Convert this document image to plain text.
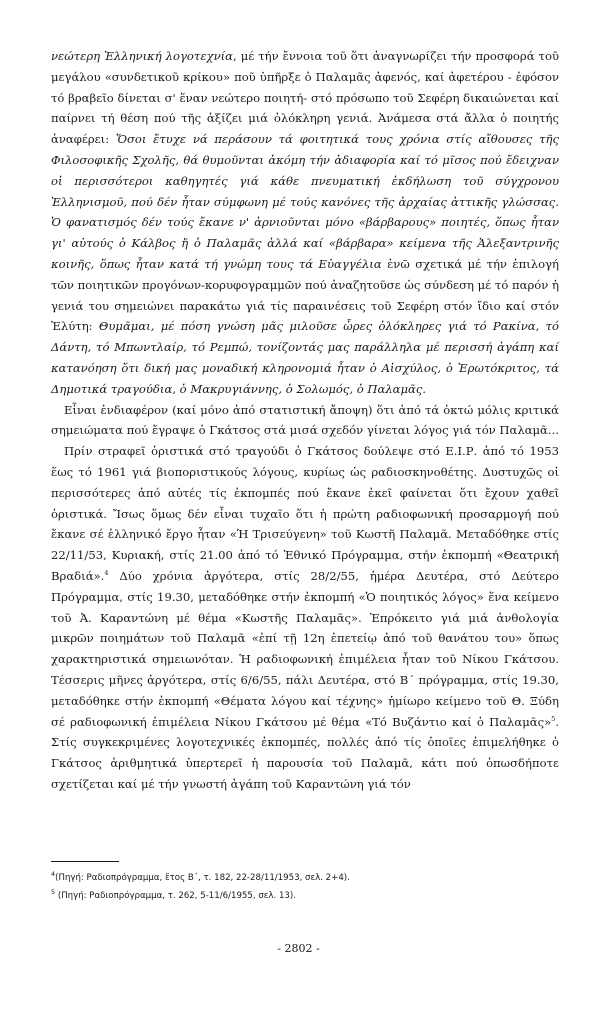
νεώτερη Ἑλληνική λογοτεχνία, μέ τήν ἔννοια τοῦ ὅτι ἀναγνωρίζει τήν προσφορά τοῦ μεγάλου «συνδετικοῦ κρίκου» ποῦ ὑπῆρξε ὁ Παλαμᾶς ἀφενός, καί ἀφετέρου - ἐφόσον τό βραβεῖο δίνεται σ' ἕναν νεώτερο ποιητή- στό πρόσωπο τοῦ Σεφέρη δικαιώνεται καί παίρνει τή θέση πού τῆς ἀξίζει μιά ὁλόκληρη γενιά. Ἀνάμεσα στά ἄλλα ὁ ποιητής ἀναφέρει: Ὅσοι ἔτυχε νά περάσουν τά φοιτητικά τους χρόνια στίς αἴθουσες τῆς Φιλοσοφικῆς Σχολῆς, θά θυμοῦνται ἀκόμη τήν ἀδιαφορία καί τό μῖσος πού ἔδειχναν οἱ περισσότεροι καθηγητές γιά κάθε πνευματική ἐκδήλωση τοῦ σύγχρονου Ἑλληνισμοῦ, πού δέν ἦταν σύμφωνη μέ τούς κανόνες τῆς ἀρχαίας ἀττικῆς γλώσσας. Ὁ φανατισμός δέν τούς ἔκανε ν' ἀρνιοῦνται μόνο «βάρβαρους» ποιητές, ὅπως ἦταν γι' αὐτούς ὁ Κάλβος ἤ ὁ Παλαμᾶς ἀλλά καί «βάρβαρα» κείμενα τῆς Ἀλεξαντρινῆς κοινῆς, ὅπως ἦταν κατά τή γνώμη τους τά Εὐαγγέλια ἐνῶ σχετικά μέ τήν ἐπιλογή τῶν ποιητικῶν προγόνων-κορυφογραμμῶν πού ἀναζητοῦσε ὡς σύνδεση μέ τό παρόν ἡ γενιά του σημειώνει παρακάτω γιά τίς παραινέσεις τοῦ Σεφέρη στόν ἴδιο καί στόν Ἐλύτη: Θυμᾶμαι, μέ πόση γνώση μᾶς μιλοῦσε ὧρες ὁλόκληρες γιά τό Ρακίνα, τό Δάντη, τό Μπωντλαίρ, τό Ρεμπώ, τονίζοντάς μας παράλληλα μέ περισσή ἀγάπη καί κατανόηση ὅτι δική μας μοναδική κληρονομιά ἦταν ὁ Αἰσχύλος, ὁ Ἐρωτόκριτος, τά Δημοτικά τραγούδια, ὁ Μακρυγιάννης, ὁ Σολωμός, ὁ Παλαμᾶς.

Εἶναι ἐνδιαφέρον (καί μόνο ἀπό στατιστική ἄποψη) ὅτι ἀπό τά ὀκτώ μόλις κριτικά σημειώματα πού ἔγραψε ὁ Γκάτσος στά μισά σχεδόν γίνεται λόγος γιά τόν Παλαμᾶ...

Πρίν στραφεῖ ὁριστικά στό τραγούδι ὁ Γκάτσος δούλεψε στό Ε.Ι.Ρ. ἀπό τό 1953 ἕως τό 1961 γιά βιοποριστικούς λόγους, κυρίως ὡς ραδιοσκηνοθέτης. Δυστυχῶς οἱ περισσότερες ἀπό αὐτές τίς ἐκπομπές πού ἔκανε ἐκεῖ φαίνεται ὅτι ἔχουν χαθεῖ ὁριστικά. Ἴσως ὅμως δέν εἶναι τυχαῖο ὅτι ἡ πρώτη ραδιοφωνική προσαρμογή πού ἔκανε σέ ἑλληνικό ἔργο ἦταν «Ἡ Τρισεύγενη» τοῦ Κωστῆ Παλαμᾶ. Μεταδόθηκε στίς 22/11/53, Κυριακή, στίς 21.00 ἀπό τό Ἐθνικό Πρόγραμμα, στήν ἐκπομπή «Θεατρική Βραδιά».$^4$ Δύο χρόνια ἀργότερα, στίς 28/2/55, ἡμέρα Δευτέρα, στό Δεύτερο Πρόγραμμα, στίς 19.30, μεταδόθηκε στήν ἐκπομπή «Ὁ ποιητικός λόγος» ἕνα κείμενο τοῦ Ἀ. Καραντώνη μέ θέμα «Κωστῆς Παλαμᾶς». Ἐπρόκειτο γιά μιά ἀνθολογία μικρῶν ποιημάτων τοῦ Παλαμᾶ «ἐπί τῇ 12η ἐπετείῳ ἀπό τοῦ θανάτου του» ὅπως χαρακτηριστικά σημειωνόταν. Ἡ ραδιοφωνική ἐπιμέλεια ἦταν τοῦ Νίκου Γκάτσου. Τέσσερις μῆνες ἀργότερα, στίς 6/6/55, πάλι Δευτέρα, στό Β΄ πρόγραμμα, στίς 19.30, μεταδόθηκε στήν ἐκπομπή «Θέματα λόγου καί τέχνης» ἡμίωρο κείμενο τοῦ Θ. Ξύδη σέ ραδιοφωνική ἐπιμέλεια Νίκου Γκάτσου μέ θέμα «Τό Βυζάντιο καί ὁ Παλαμᾶς»$^5$. Στίς συγκεκριμένες λογοτεχνικές ἐκπομπές, πολλές ἀπό τίς ὁποῖες ἐπιμελήθηκε ὁ Γκάτσος ἀριθμητικά ὑπερτερεῖ ἡ παρουσία τοῦ Παλαμᾶ, κάτι πού ὁπωσδήποτε σχετίζεται καί μέ τήν γνωστή ἀγάπη τοῦ Καραντώνη γιά τόν

$^4$(Πηγή: Ραδιοπρόγραμμα, ἔτος Β΄, τ. 182, 22-28/11/1953, σελ. 2+4).

$^5$ (Πηγή: Ραδιοπρόγραμμα, τ. 262, 5-11/6/1955, σελ. 13).

- 2802 -
